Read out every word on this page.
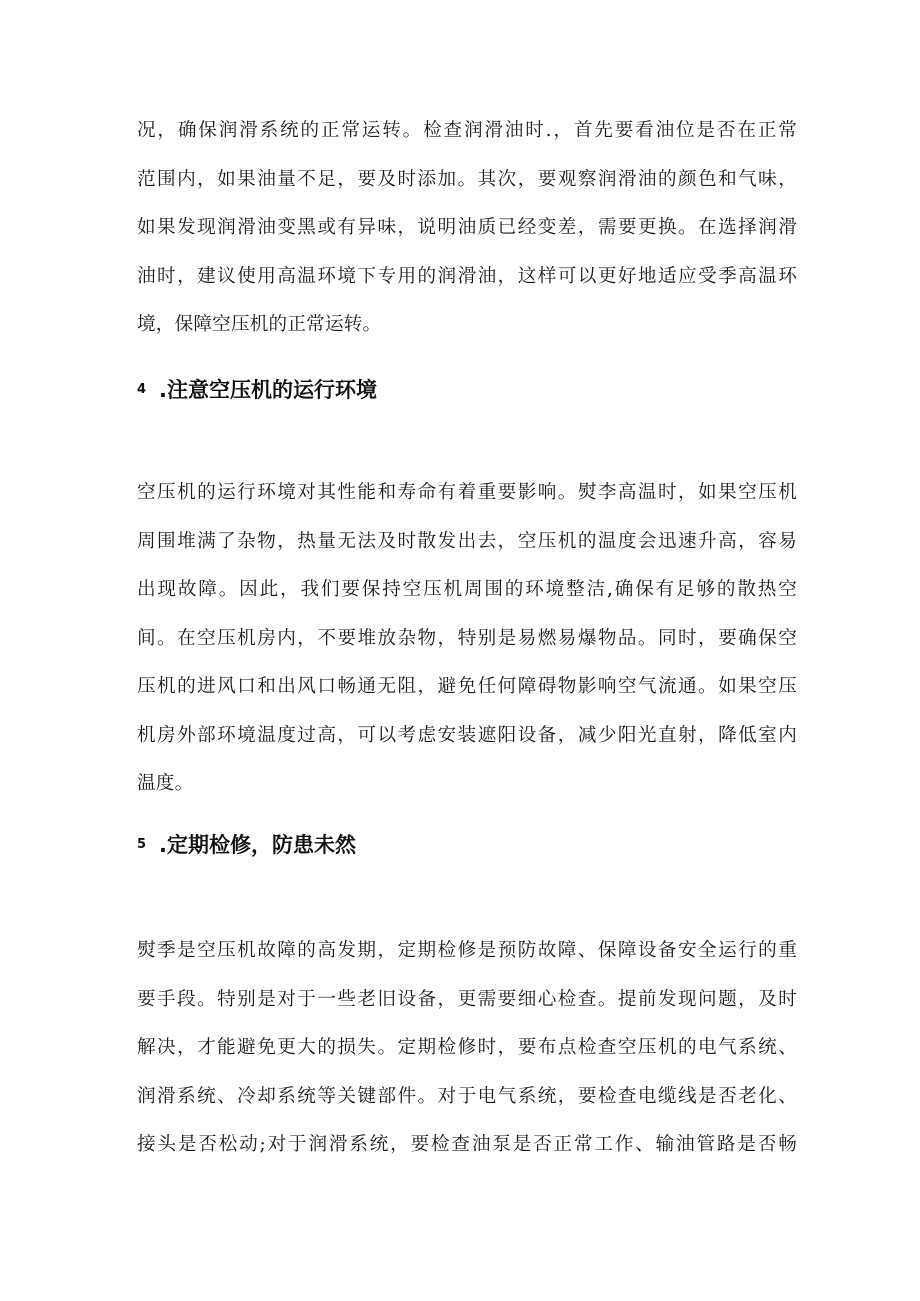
况，确保润滑系统的正常运转。检查润滑油时.，首先要看油位是否在正常
范围内，如果油量不足，要及时添加。其次，要观察润滑油的颜色和气味，
如果发现润滑油变黑或有异味，说明油质已经变差，需要更换。在选择润滑
油时，建议使用高温环境下专用的润滑油，这样可以更好地适应受季高温环
境，保障空压机的正常运转。
4 .注意空压机的运行环境
空压机的运行环境对其性能和寿命有着重要影响。熨李高温时，如果空压机
周围堆满了杂物，热量无法及时散发出去，空压机的温度会迅速升高，容易
出现故障。因此，我们要保持空压机周围的环境整洁,确保有足够的散热空
间。在空压机房内，不要堆放杂物，特别是易燃易爆物品。同时，要确保空
压机的进风口和出风口畅通无阻，避免任何障碍物影响空气流通。如果空压
机房外部环境温度过高，可以考虑安装遮阳设备，减少阳光直射，降低室内
温度。
5 .定期检修，防患未然
熨季是空压机故障的高发期，定期检修是预防故障、保障设备安全运行的重
要手段。特别是对于一些老旧设备，更需要细心检查。提前发现问题，及时
解决，才能避免更大的损失。定期检修时，要布点检查空压机的电气系统、
润滑系统、冷却系统等关键部件。对于电气系统，要检查电缆线是否老化、
接头是否松动;对于润滑系统，要检查油泵是否正常工作、输油管路是否畅
